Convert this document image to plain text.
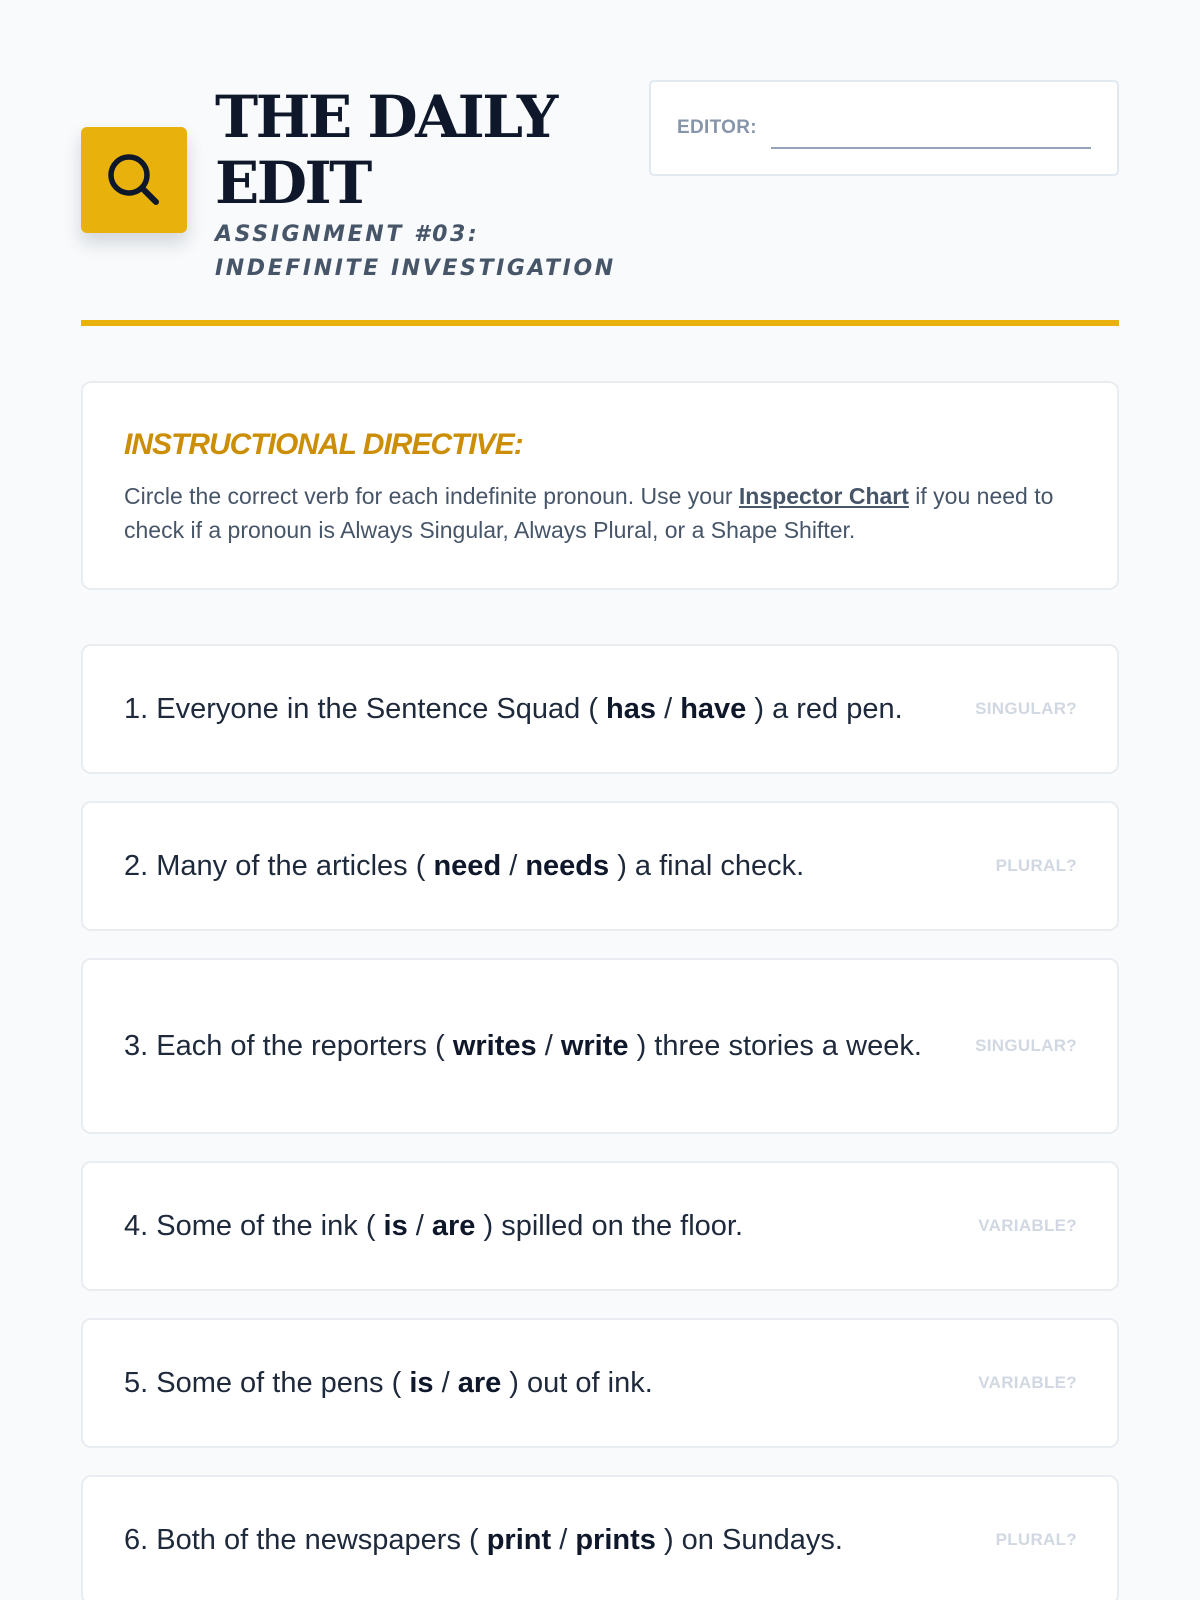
THE DAILY EDIT
ASSIGNMENT #03: INDEFINITE INVESTIGATION
EDITOR:
INSTRUCTIONAL DIRECTIVE:
Circle the correct verb for each indefinite pronoun. Use your Inspector Chart if you need to check if a pronoun is Always Singular, Always Plural, or a Shape Shifter.
1. Everyone in the Sentence Squad ( has / have ) a red pen.	SINGULAR?
2. Many of the articles ( need / needs ) a final check.	PLURAL?
3. Each of the reporters ( writes / write ) three stories a week.	SINGULAR?
4. Some of the ink ( is / are ) spilled on the floor.	VARIABLE?
5. Some of the pens ( is / are ) out of ink.	VARIABLE?
6. Both of the newspapers ( print / prints ) on Sundays.	PLURAL?
